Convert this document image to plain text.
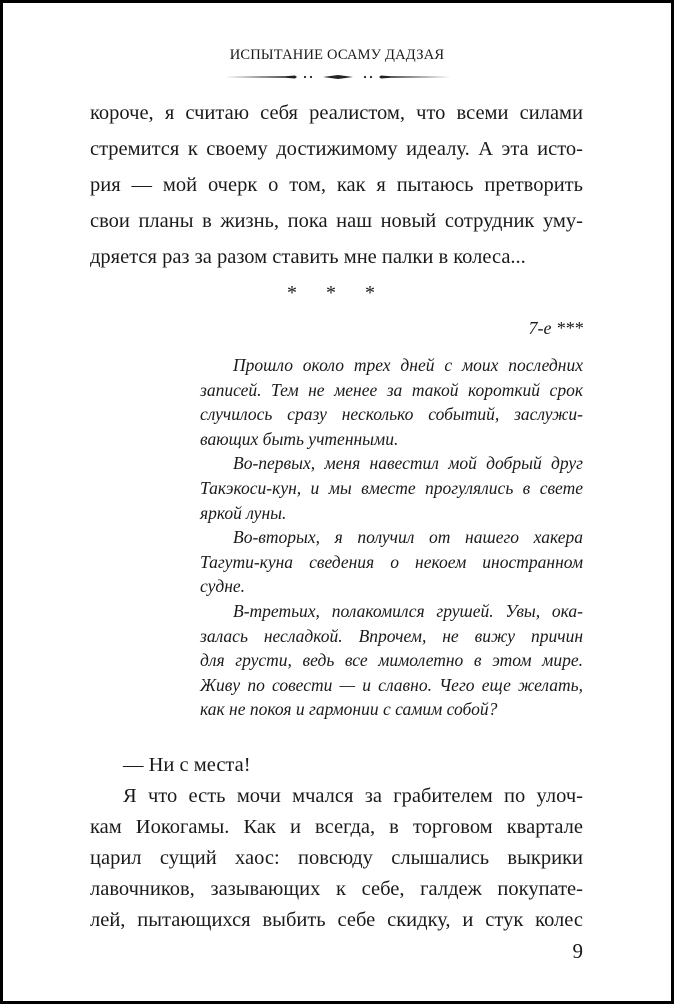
ИСПЫТАНИЕ ОСАМУ ДАДЗАЯ
короче, я считаю себя реалистом, что всеми силами
стремится к своему достижимому идеалу. А эта исто-
рия — мой очерк о том, как я пытаюсь претворить
свои планы в жизнь, пока наш новый сотрудник уму-
дряется раз за разом ставить мне палки в колеса...
* * *
7-е ***
Прошло около трех дней с моих последних
записей. Тем не менее за такой короткий срок
случилось сразу несколько событий, заслужи-
вающих быть учтенными.
Во-первых, меня навестил мой добрый друг
Такэкоси-кун, и мы вместе прогулялись в свете
яркой луны.
Во-вторых, я получил от нашего хакера
Тагути-куна сведения о некоем иностранном
судне.
В-третьих, полакомился грушей. Увы, ока-
залась несладкой. Впрочем, не вижу причин
для грусти, ведь все мимолетно в этом мире.
Живу по совести — и славно. Чего еще желать,
как не покоя и гармонии с самим собой?
— Ни с места!
Я что есть мочи мчался за грабителем по улоч-
кам Иокогамы. Как и всегда, в торговом квартале
царил сущий хаос: повсюду слышались выкрики
лавочников, зазывающих к себе, галдеж покупате-
лей, пытающихся выбить себе скидку, и стук колес
9
